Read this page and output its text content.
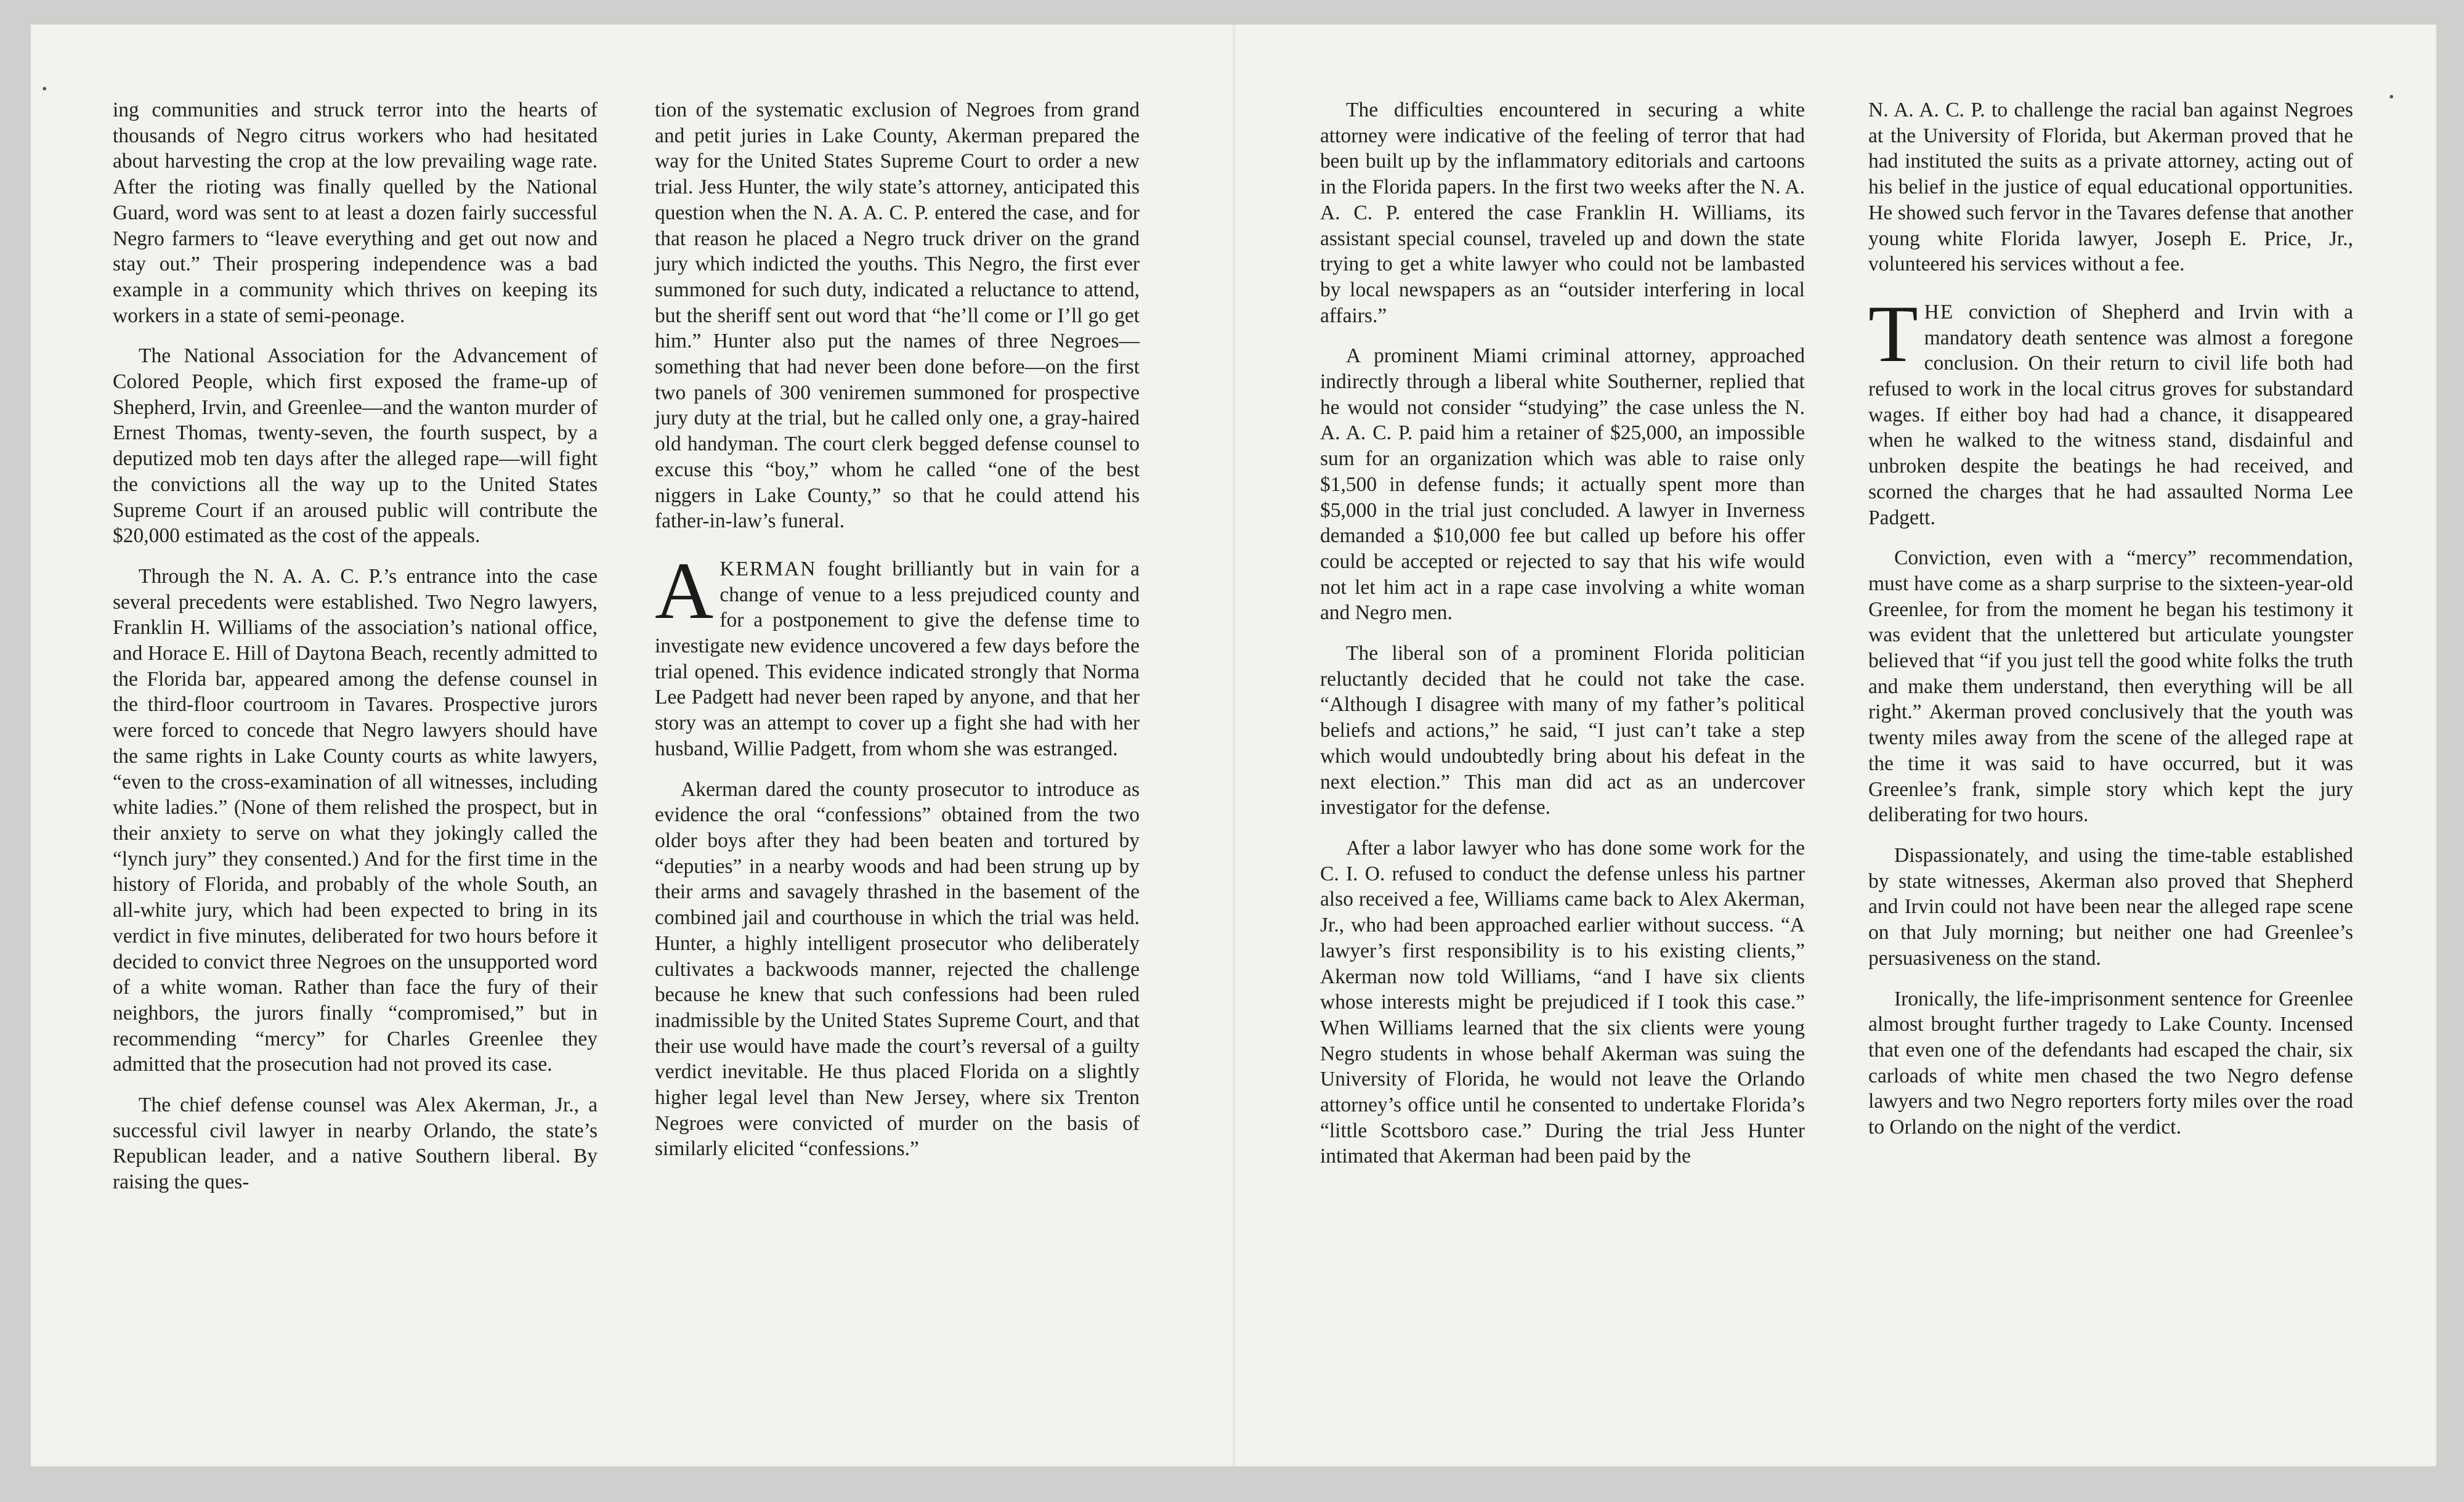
•	•

ing communities and struck terror into the hearts of thousands of Negro citrus workers who had hesitated about harvesting the crop at the low prevailing wage rate. After the rioting was finally quelled by the National Guard, word was sent to at least a dozen fairly successful Negro farmers to “leave everything and get out now and stay out.” Their prospering independence was a bad example in a community which thrives on keeping its workers in a state of semi-peonage.

The National Association for the Advancement of Colored People, which first exposed the frame-up of Shepherd, Irvin, and Greenlee—and the wanton murder of Ernest Thomas, twenty-seven, the fourth suspect, by a deputized mob ten days after the alleged rape—will fight the convictions all the way up to the United States Supreme Court if an aroused public will contribute the $20,000 estimated as the cost of the appeals.

Through the N. A. A. C. P.’s entrance into the case several precedents were established. Two Negro lawyers, Franklin H. Williams of the association’s national office, and Horace E. Hill of Daytona Beach, recently admitted to the Florida bar, appeared among the defense counsel in the third-floor courtroom in Tavares. Prospective jurors were forced to concede that Negro lawyers should have the same rights in Lake County courts as white lawyers, “even to the cross-examination of all witnesses, including white ladies.” (None of them relished the prospect, but in their anxiety to serve on what they jokingly called the “lynch jury” they consented.) And for the first time in the history of Florida, and probably of the whole South, an all-white jury, which had been expected to bring in its verdict in five minutes, deliberated for two hours before it decided to convict three Negroes on the unsupported word of a white woman. Rather than face the fury of their neighbors, the jurors finally “compromised,” but in recommending “mercy” for Charles Greenlee they admitted that the prosecution had not proved its case.

The chief defense counsel was Alex Akerman, Jr., a successful civil lawyer in nearby Orlando, the state’s Republican leader, and a native Southern liberal. By raising the ques-

tion of the systematic exclusion of Negroes from grand and petit juries in Lake County, Akerman prepared the way for the United States Supreme Court to order a new trial. Jess Hunter, the wily state’s attorney, anticipated this question when the N. A. A. C. P. entered the case, and for that reason he placed a Negro truck driver on the grand jury which indicted the youths. This Negro, the first ever summoned for such duty, indicated a reluctance to attend, but the sheriff sent out word that “he’ll come or I’ll go get him.” Hunter also put the names of three Negroes—something that had never been done before—on the first two panels of 300 veniremen summoned for prospective jury duty at the trial, but he called only one, a gray-haired old handyman. The court clerk begged defense counsel to excuse this “boy,” whom he called “one of the best niggers in Lake County,” so that he could attend his father-in-law’s funeral.

AKERMAN fought brilliantly but in vain for a change of venue to a less prejudiced county and for a postponement to give the defense time to investigate new evidence uncovered a few days before the trial opened. This evidence indicated strongly that Norma Lee Padgett had never been raped by anyone, and that her story was an attempt to cover up a fight she had with her husband, Willie Padgett, from whom she was estranged.

Akerman dared the county prosecutor to introduce as evidence the oral “confessions” obtained from the two older boys after they had been beaten and tortured by “deputies” in a nearby woods and had been strung up by their arms and savagely thrashed in the basement of the combined jail and courthouse in which the trial was held. Hunter, a highly intelligent prosecutor who deliberately cultivates a backwoods manner, rejected the challenge because he knew that such confessions had been ruled inadmissible by the United States Supreme Court, and that their use would have made the court’s reversal of a guilty verdict inevitable. He thus placed Florida on a slightly higher legal level than New Jersey, where six Trenton Negroes were convicted of murder on the basis of similarly elicited “confessions.”

The difficulties encountered in securing a white attorney were indicative of the feeling of terror that had been built up by the inflammatory editorials and cartoons in the Florida papers. In the first two weeks after the N. A. A. C. P. entered the case Franklin H. Williams, its assistant special counsel, traveled up and down the state trying to get a white lawyer who could not be lambasted by local newspapers as an “outsider interfering in local affairs.”

A prominent Miami criminal attorney, approached indirectly through a liberal white Southerner, replied that he would not consider “studying” the case unless the N. A. A. C. P. paid him a retainer of $25,000, an impossible sum for an organization which was able to raise only $1,500 in defense funds; it actually spent more than $5,000 in the trial just concluded. A lawyer in Inverness demanded a $10,000 fee but called up before his offer could be accepted or rejected to say that his wife would not let him act in a rape case involving a white woman and Negro men.

The liberal son of a prominent Florida politician reluctantly decided that he could not take the case. “Although I disagree with many of my father’s political beliefs and actions,” he said, “I just can’t take a step which would undoubtedly bring about his defeat in the next election.” This man did act as an undercover investigator for the defense.

After a labor lawyer who has done some work for the C. I. O. refused to conduct the defense unless his partner also received a fee, Williams came back to Alex Akerman, Jr., who had been approached earlier without success. “A lawyer’s first responsibility is to his existing clients,” Akerman now told Williams, “and I have six clients whose interests might be prejudiced if I took this case.” When Williams learned that the six clients were young Negro students in whose behalf Akerman was suing the University of Florida, he would not leave the Orlando attorney’s office until he consented to undertake Florida’s “little Scottsboro case.” During the trial Jess Hunter intimated that Akerman had been paid by the

N. A. A. C. P. to challenge the racial ban against Negroes at the University of Florida, but Akerman proved that he had instituted the suits as a private attorney, acting out of his belief in the justice of equal educational opportunities. He showed such fervor in the Tavares defense that another young white Florida lawyer, Joseph E. Price, Jr., volunteered his services without a fee.

THE conviction of Shepherd and Irvin with a mandatory death sentence was almost a foregone conclusion. On their return to civil life both had refused to work in the local citrus groves for substandard wages. If either boy had had a chance, it disappeared when he walked to the witness stand, disdainful and unbroken despite the beatings he had received, and scorned the charges that he had assaulted Norma Lee Padgett.

Conviction, even with a “mercy” recommendation, must have come as a sharp surprise to the sixteen-year-old Greenlee, for from the moment he began his testimony it was evident that the unlettered but articulate youngster believed that “if you just tell the good white folks the truth and make them understand, then everything will be all right.” Akerman proved conclusively that the youth was twenty miles away from the scene of the alleged rape at the time it was said to have occurred, but it was Greenlee’s frank, simple story which kept the jury deliberating for two hours.

Dispassionately, and using the time-table established by state witnesses, Akerman also proved that Shepherd and Irvin could not have been near the alleged rape scene on that July morning; but neither one had Greenlee’s persuasiveness on the stand.

Ironically, the life-imprisonment sentence for Greenlee almost brought further tragedy to Lake County. Incensed that even one of the defendants had escaped the chair, six carloads of white men chased the two Negro defense lawyers and two Negro reporters forty miles over the road to Orlando on the night of the verdict.
